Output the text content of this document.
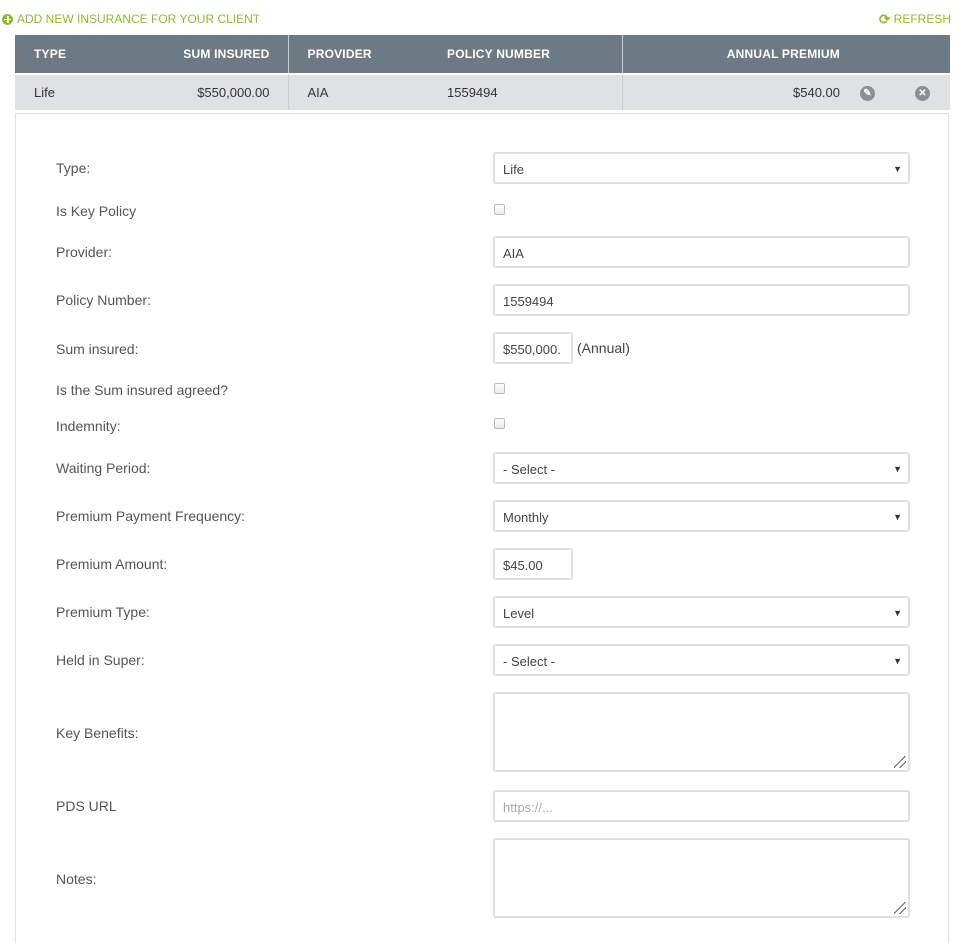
ADD NEW INSURANCE FOR YOUR CLIENT	⟳ REFRESH
TYPE	SUM INSURED	PROVIDER	POLICY NUMBER	ANNUAL PREMIUM		
Life	$550,000.00	AIA	1559494	$540.00	✎	✕
Type:	Life	▼
Is Key Policy
Provider:	AIA
Policy Number:	1559494
Sum insured:	$550,000.	(Annual)
Is the Sum insured agreed?
Indemnity:
Waiting Period:	- Select -	▼
Premium Payment Frequency:	Monthly	▼
Premium Amount:	$45.00
Premium Type:	Level	▼
Held in Super:	- Select -	▼
Key Benefits:
PDS URL	https://...
Notes:
